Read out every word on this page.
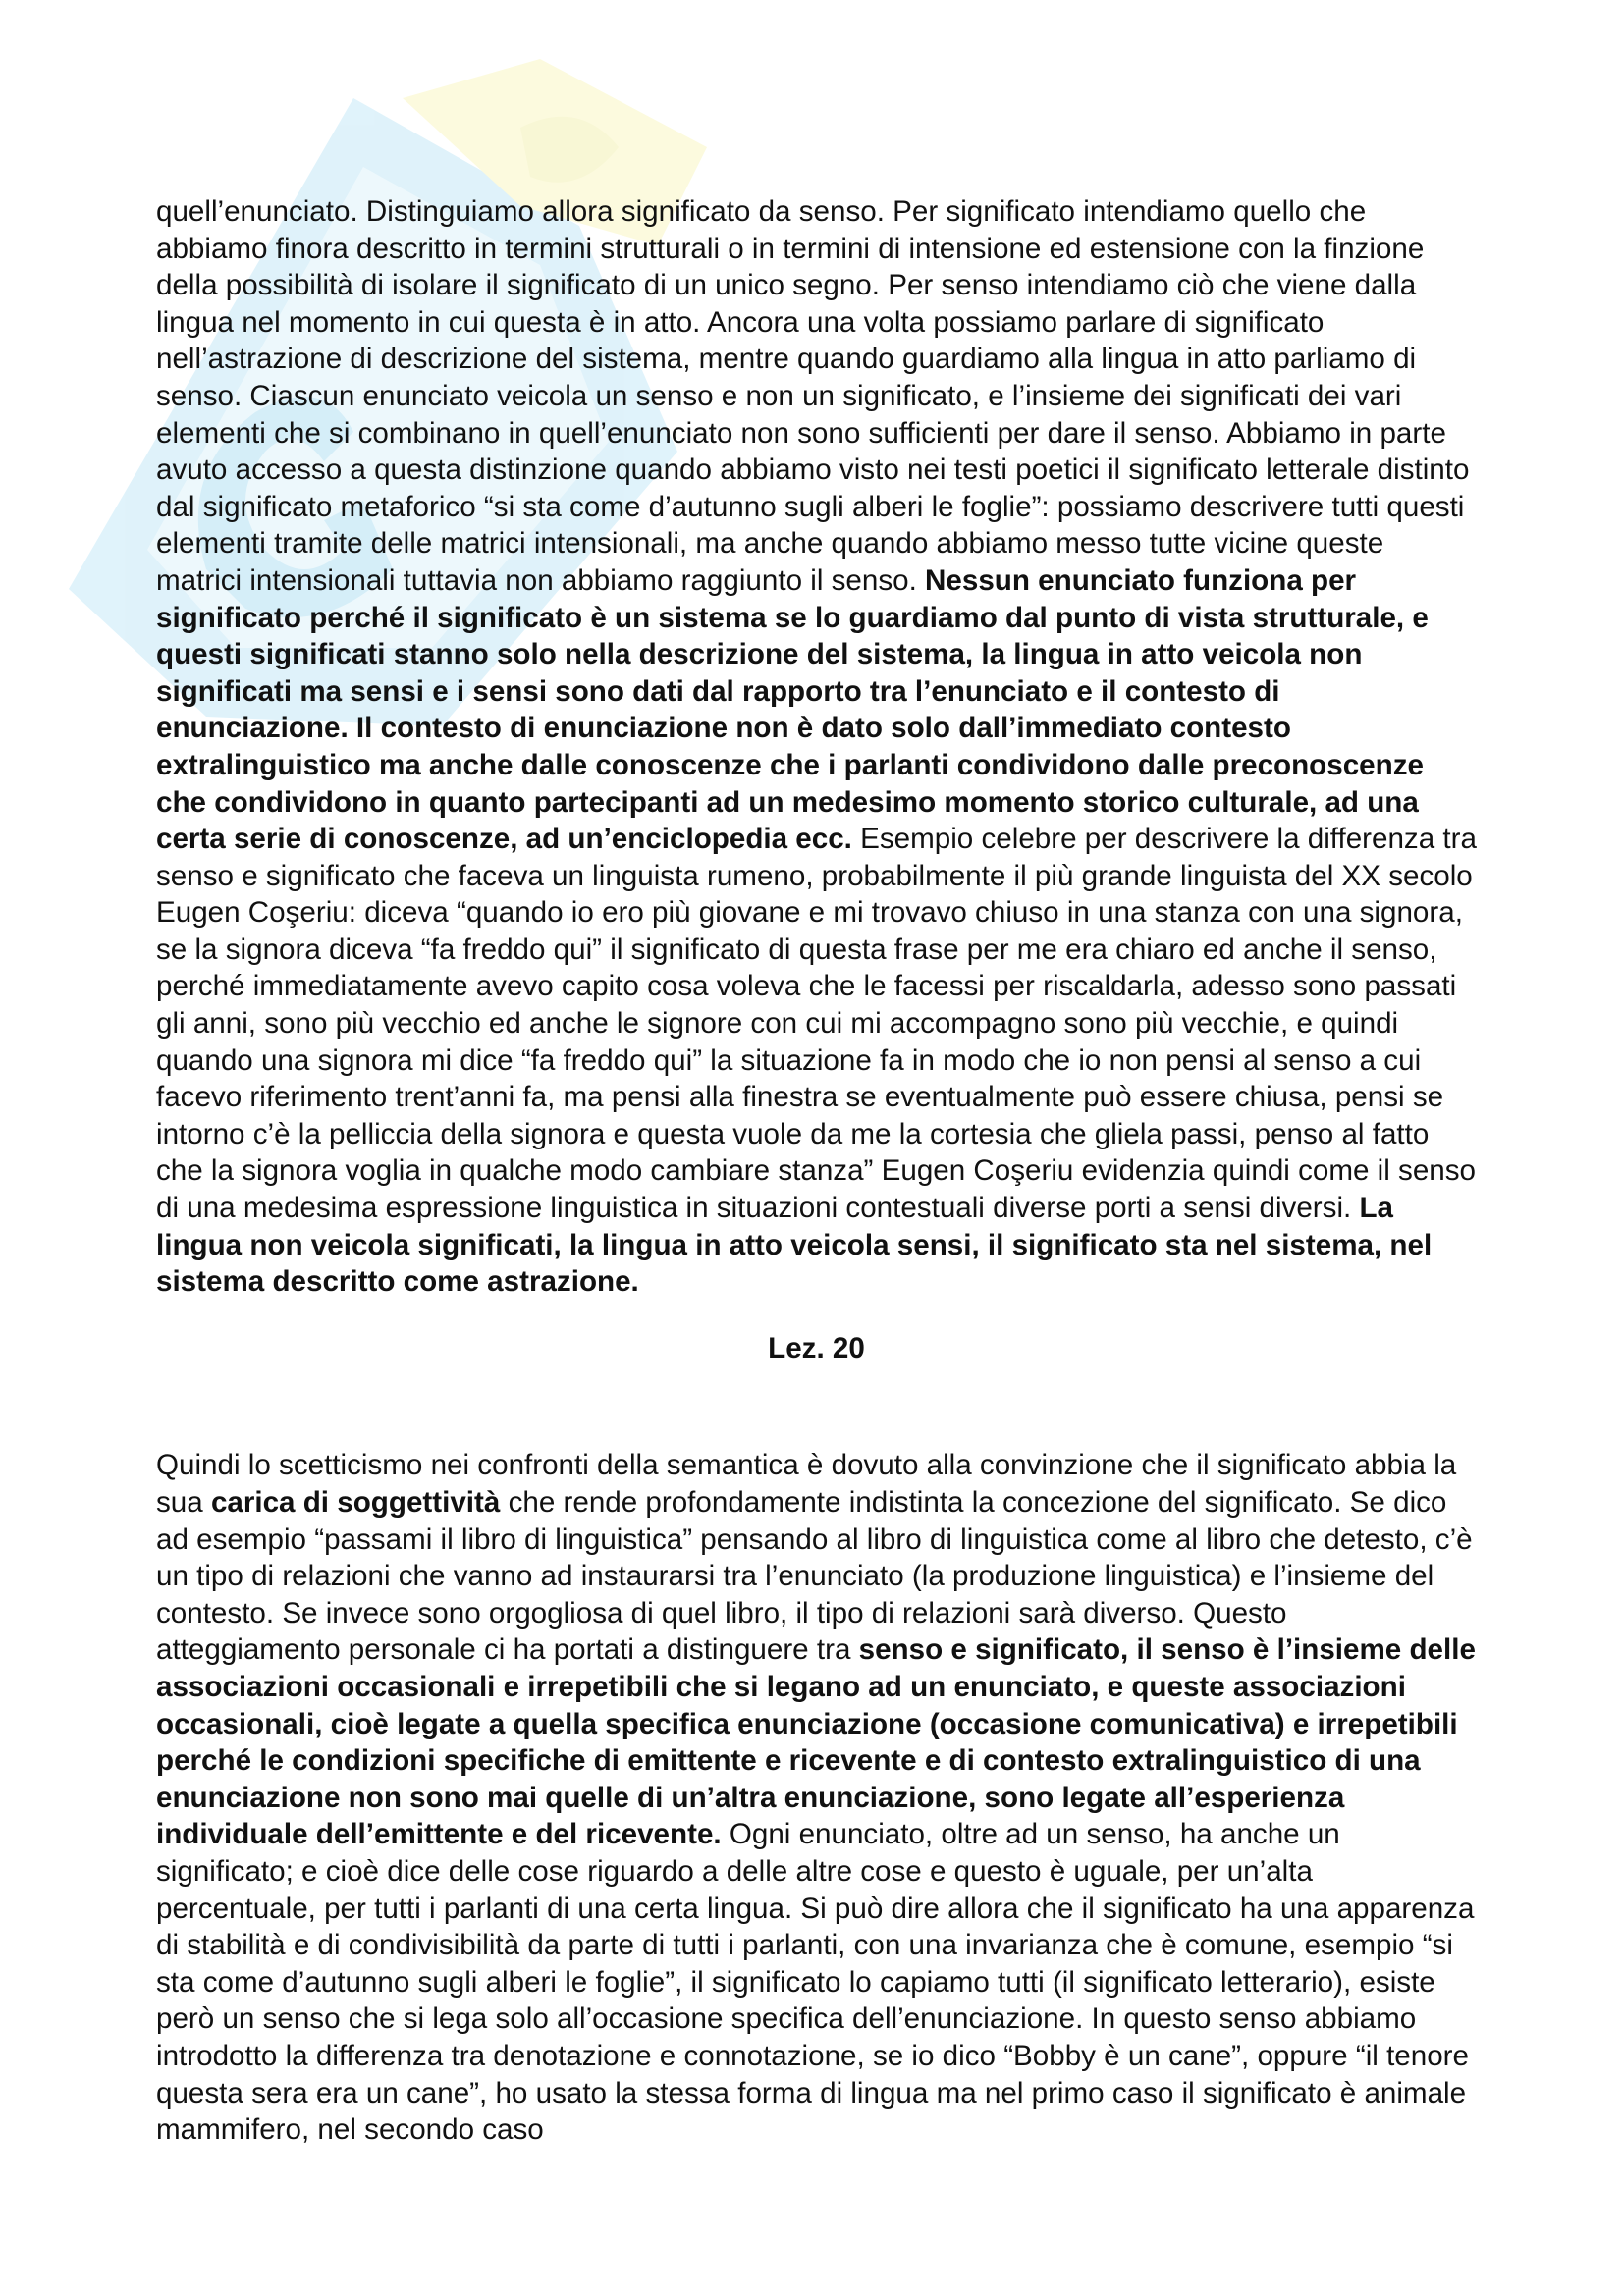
quell’enunciato. Distinguiamo allora significato da senso. Per significato intendiamo quello che abbiamo finora descritto in termini strutturali o in termini di intensione ed estensione con la finzione della possibilità di isolare il significato di un unico segno. Per senso intendiamo ciò che viene dalla lingua nel momento in cui questa è in atto. Ancora una volta possiamo parlare di significato nell’astrazione di descrizione del sistema, mentre quando guardiamo alla lingua in atto parliamo di senso. Ciascun enunciato veicola un senso e non un significato, e l’insieme dei significati dei vari elementi che si combinano in quell’enunciato non sono sufficienti per dare il senso. Abbiamo in parte avuto accesso a questa distinzione quando abbiamo visto nei testi poetici il significato letterale distinto dal significato metaforico “si sta come d’autunno sugli alberi le foglie”: possiamo descrivere tutti questi elementi tramite delle matrici intensionali, ma anche quando abbiamo messo tutte vicine queste matrici intensionali tuttavia non abbiamo raggiunto il senso. Nessun enunciato funziona per significato perché il significato è un sistema se lo guardiamo dal punto di vista strutturale, e questi significati stanno solo nella descrizione del sistema, la lingua in atto veicola non significati ma sensi e i sensi sono dati dal rapporto tra l’enunciato e il contesto di enunciazione. Il contesto di enunciazione non è dato solo dall’immediato contesto extralinguistico ma anche dalle conoscenze che i parlanti condividono dalle preconoscenze che condividono in quanto partecipanti ad un medesimo momento storico culturale, ad una certa serie di conoscenze, ad un’enciclopedia ecc. Esempio celebre per descrivere la differenza tra senso e significato che faceva un linguista rumeno, probabilmente il più grande linguista del XX secolo Eugen Coşeriu: diceva “quando io ero più giovane e mi trovavo chiuso in una stanza con una signora, se la signora diceva “fa freddo qui” il significato di questa frase per me era chiaro ed anche il senso, perché immediatamente avevo capito cosa voleva che le facessi per riscaldarla, adesso sono passati gli anni, sono più vecchio ed anche le signore con cui mi accompagno sono più vecchie, e quindi quando una signora mi dice “fa freddo qui” la situazione fa in modo che io non pensi al senso a cui facevo riferimento trent’anni fa, ma pensi alla finestra se eventualmente può essere chiusa, pensi se intorno c’è la pelliccia della signora e questa vuole da me la cortesia che gliela passi, penso al fatto che la signora voglia in qualche modo cambiare stanza” Eugen Coşeriu evidenzia quindi come il senso di una medesima espressione linguistica in situazioni contestuali diverse porti a sensi diversi. La lingua non veicola significati, la lingua in atto veicola sensi, il significato sta nel sistema, nel sistema descritto come astrazione.

Lez. 20

Quindi lo scetticismo nei confronti della semantica è dovuto alla convinzione che il significato abbia la sua carica di soggettività che rende profondamente indistinta la concezione del significato. Se dico ad esempio “passami il libro di linguistica” pensando al libro di linguistica come al libro che detesto, c’è un tipo di relazioni che vanno ad instaurarsi tra l’enunciato (la produzione linguistica) e l’insieme del contesto. Se invece sono orgogliosa di quel libro, il tipo di relazioni sarà diverso. Questo atteggiamento personale ci ha portati a distinguere tra senso e significato, il senso è l’insieme delle associazioni occasionali e irrepetibili che si legano ad un enunciato, e queste associazioni occasionali, cioè legate a quella specifica enunciazione (occasione comunicativa) e irrepetibili perché le condizioni specifiche di emittente e ricevente e di contesto extralinguistico di una enunciazione non sono mai quelle di un’altra enunciazione, sono legate all’esperienza individuale dell’emittente e del ricevente. Ogni enunciato, oltre ad un senso, ha anche un significato; e cioè dice delle cose riguardo a delle altre cose e questo è uguale, per un’alta percentuale, per tutti i parlanti di una certa lingua. Si può dire allora che il significato ha una apparenza di stabilità e di condivisibilità da parte di tutti i parlanti, con una invarianza che è comune, esempio “si sta come d’autunno sugli alberi le foglie”, il significato lo capiamo tutti (il significato letterario), esiste però un senso che si lega solo all’occasione specifica dell’enunciazione. In questo senso abbiamo introdotto la differenza tra denotazione e connotazione, se io dico “Bobby è un cane”, oppure “il tenore questa sera era un cane”, ho usato la stessa forma di lingua ma nel primo caso il significato è animale mammifero, nel secondo caso
